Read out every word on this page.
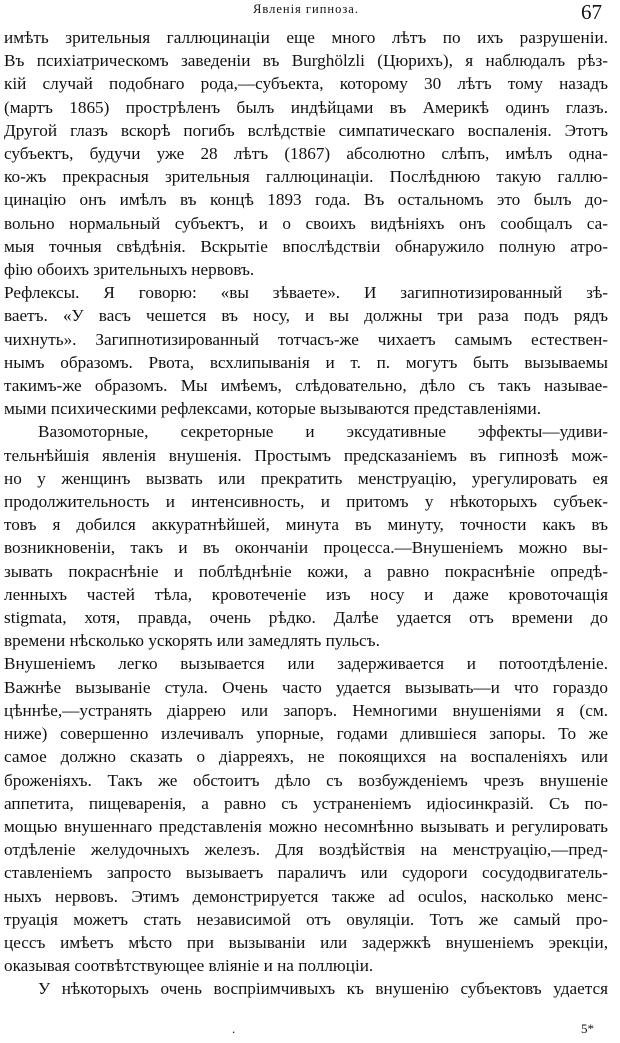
Явленія гипноза.	67
имѣть зрительныя галлюцинаціи еще много лѣтъ по ихъ разрушеніи.
Въ психіатрическомъ заведеніи въ Burghölzli (Цюрихъ), я наблюдалъ рѣз-
кій случай подобнаго рода,—субъекта, которому 30 лѣтъ тому назадъ
(мартъ 1865) прострѣленъ былъ индѣйцами въ Америкѣ одинъ глазъ.
Другой глазъ вскорѣ погибъ вслѣдствіе симпатическаго воспаленія. Этотъ
субъектъ, будучи уже 28 лѣтъ (1867) абсолютно слѣпъ, имѣлъ одна-
ко-жъ прекрасныя зрительныя галлюцинаціи. Послѣднюю такую галлю-
цинацію онъ имѣлъ въ концѣ 1893 года. Въ остальномъ это былъ до-
вольно нормальный субъектъ, и о своихъ видѣніяхъ онъ сообщалъ са-
мыя точныя свѣдѣнія. Вскрытіе впослѣдствіи обнаружило полную атро-
фію обоихъ зрительныхъ нервовъ.
Рефлексы. Я говорю: «вы зѣваете». И загипнотизированный зѣ-
ваетъ. «У васъ чешется въ носу, и вы должны три раза подъ рядъ
чихнуть». Загипнотизированный тотчасъ-же чихаетъ самымъ естествен-
нымъ образомъ. Рвота, всхлипыванія и т. п. могутъ быть вызываемы
такимъ-же образомъ. Мы имѣемъ, слѣдовательно, дѣло съ такъ называе-
мыми психическими рефлексами, которые вызываются представленіями.
Вазомоторные, секреторные и эксудативные эффекты—удиви-
тельнѣйшія явленія внушенія. Простымъ предсказаніемъ въ гипнозѣ мож-
но у женщинъ вызвать или прекратить менструацію, урегулировать ея
продолжительность и интенсивность, и притомъ у нѣкоторыхъ субъек-
товъ я добился аккуратнѣйшей, минута въ минуту, точности какъ въ
возникновеніи, такъ и въ окончаніи процесса.—Внушеніемъ можно вы-
зывать покраснѣніе и поблѣднѣніе кожи, а равно покраснѣніе опредѣ-
ленныхъ частей тѣла, кровотеченіе изъ носу и даже кровоточащія
stigmata, хотя, правда, очень рѣдко. Далѣе удается отъ времени до
времени нѣсколько ускорять или замедлять пульсъ.
Внушеніемъ легко вызывается или задерживается и потоотдѣленіе.
Важнѣе вызываніе стула. Очень часто удается вызывать—и что гораздо
цѣннѣе,—устранять діаррею или запоръ. Немногими внушеніями я (см.
ниже) совершенно излечивалъ упорные, годами длившіеся запоры. То же
самое должно сказать о діарреяхъ, не покоящихся на воспаленіяхъ или
броженіяхъ. Такъ же обстоитъ дѣло съ возбужденіемъ чрезъ внушеніе
аппетита, пищеваренія, а равно съ устраненіемъ идіосинкразій. Съ по-
мощью внушеннаго представленія можно несомнѣнно вызывать и регулировать
отдѣленіе желудочныхъ железъ. Для воздѣйствія на менструацію,—пред-
ставленіемъ запросто вызываетъ параличъ или судороги сосудодвигатель-
ныхъ нервовъ. Этимъ демонстрируется также ad oculos, насколько менс-
труація можетъ стать независимой отъ овуляціи. Тотъ же самый про-
цессъ имѣетъ мѣсто при вызываніи или задержкѣ внушеніемъ эрекціи,
оказывая соотвѣтствующее вліяніе и на поллюціи.
У нѣкоторыхъ очень воспріимчивыхъ къ внушенію субъектовъ удается
.	5*
